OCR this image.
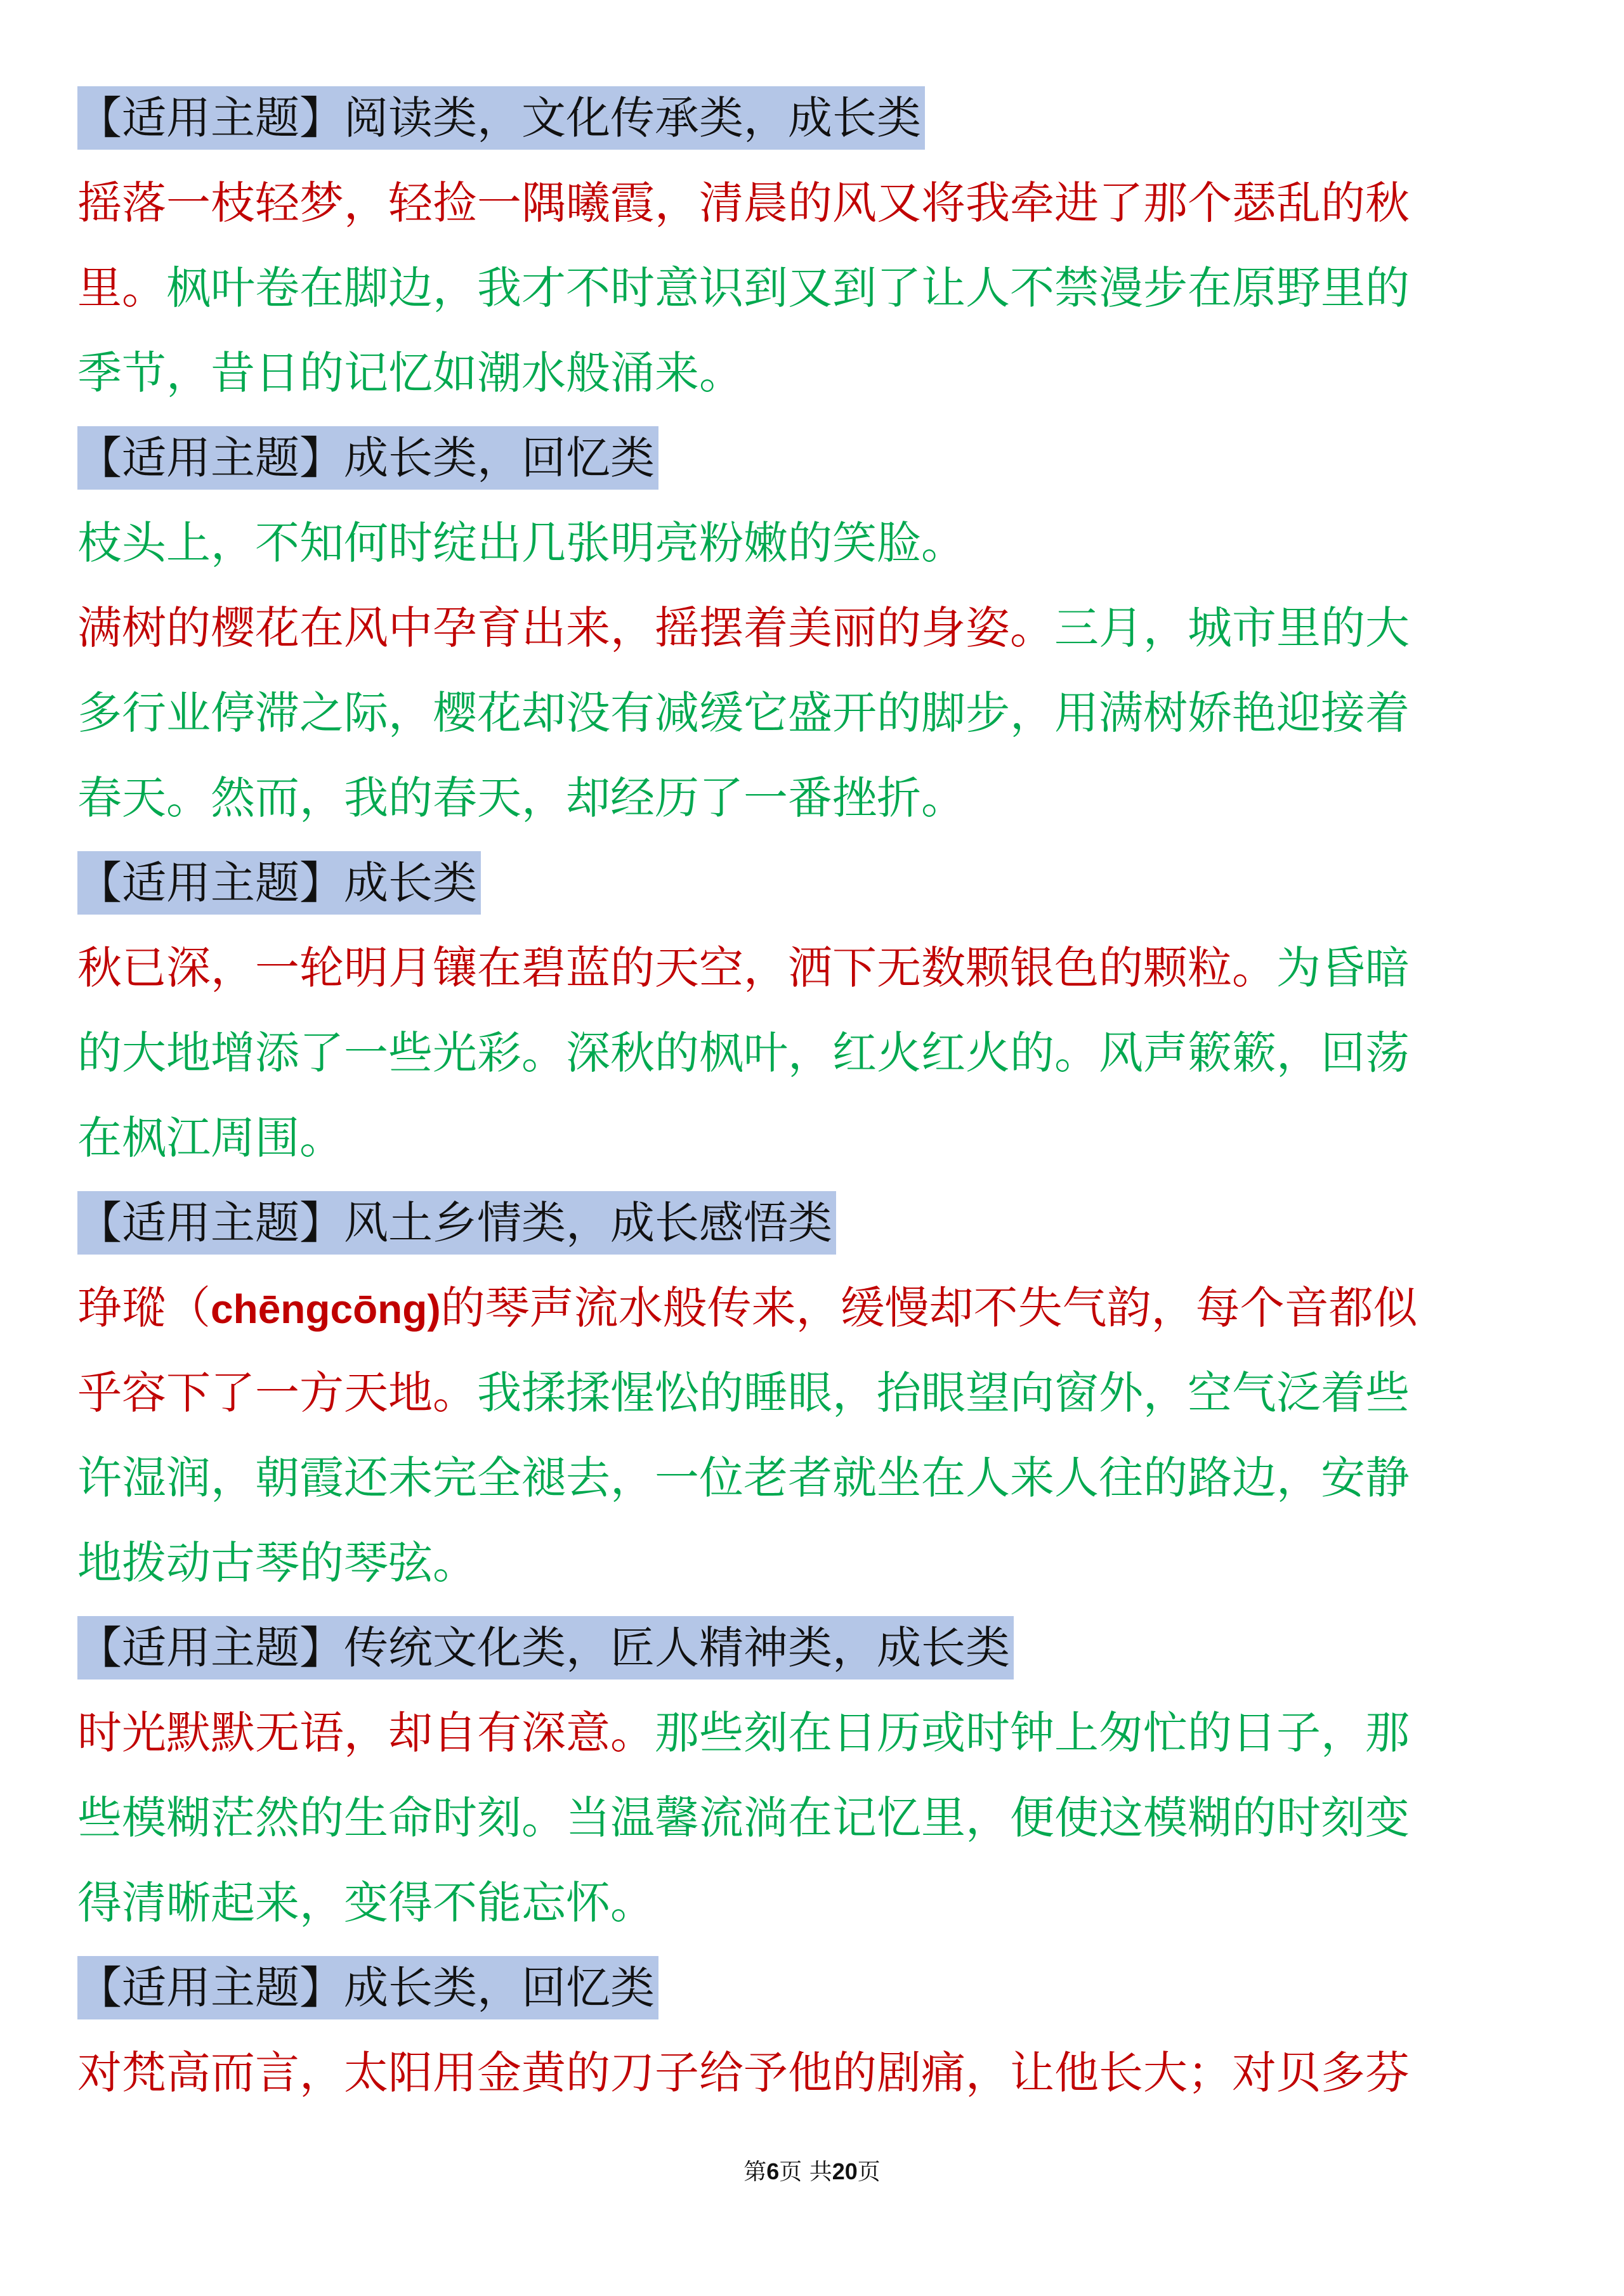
【适用主题】阅读类，文化传承类，成长类
摇落一枝轻梦，轻捡一隅曦霞，清晨的风又将我牵进了那个瑟乱的秋
里。枫叶卷在脚边，我才不时意识到又到了让人不禁漫步在原野里的
季节，昔日的记忆如潮水般涌来。
【适用主题】成长类，回忆类
枝头上，不知何时绽出几张明亮粉嫩的笑脸。
满树的樱花在风中孕育出来，摇摆着美丽的身姿。三月，城市里的大
多行业停滞之际，樱花却没有减缓它盛开的脚步，用满树娇艳迎接着
春天。然而，我的春天，却经历了一番挫折。
【适用主题】成长类
秋已深，一轮明月镶在碧蓝的天空，洒下无数颗银色的颗粒。为昏暗
的大地增添了一些光彩。深秋的枫叶，红火红火的。风声簌簌，回荡
在枫江周围。
【适用主题】风土乡情类，成长感悟类
琤瑽（chēngcōng)的琴声流水般传来，缓慢却不失气韵，每个音都似
乎容下了一方天地。我揉揉惺忪的睡眼，抬眼望向窗外，空气泛着些
许湿润，朝霞还未完全褪去，一位老者就坐在人来人往的路边，安静
地拨动古琴的琴弦。
【适用主题】传统文化类，匠人精神类，成长类
时光默默无语，却自有深意。那些刻在日历或时钟上匆忙的日子，那
些模糊茫然的生命时刻。当温馨流淌在记忆里，便使这模糊的时刻变
得清晰起来，变得不能忘怀。
【适用主题】成长类，回忆类
对梵高而言，太阳用金黄的刀子给予他的剧痛，让他长大；对贝多芬
第6页 共20页
